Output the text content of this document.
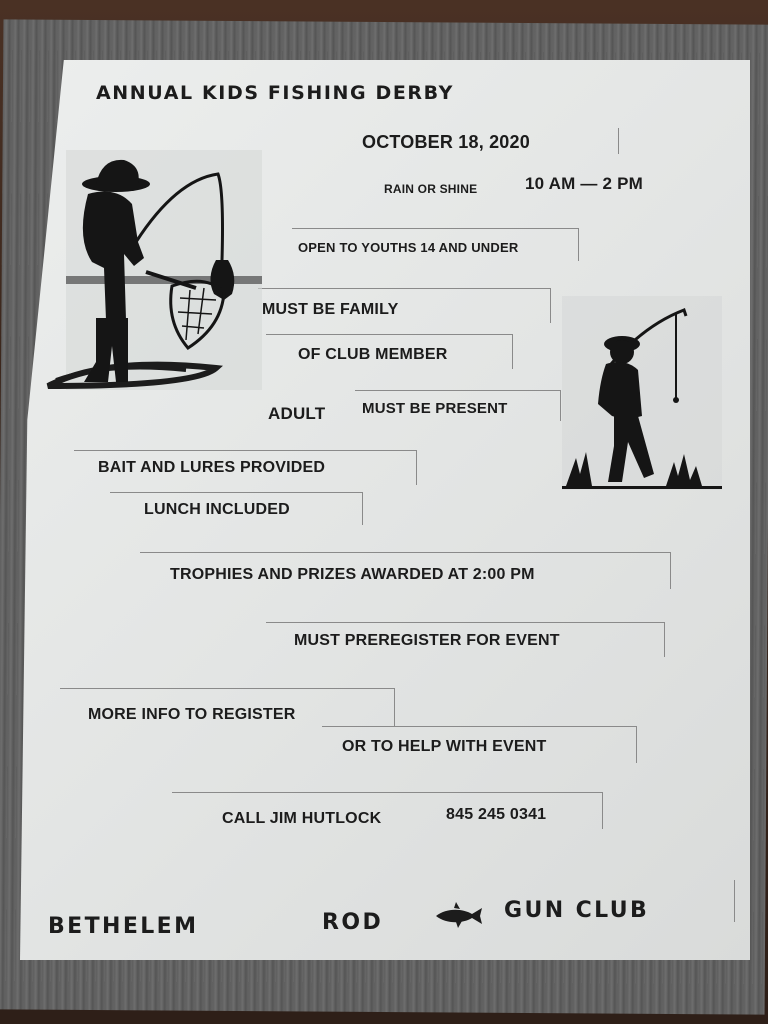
ANNUAL KIDS FISHING DERBY
OCTOBER 18, 2020
RAIN OR SHINE	10 AM — 2 PM
OPEN TO YOUTHS 14 AND UNDER
MUST BE FAMILY
OF CLUB MEMBER
ADULT MUST BE PRESENT
BAIT AND LURES PROVIDED
LUNCH INCLUDED
TROPHIES AND PRIZES AWARDED AT 2:00 PM
MUST PREREGISTER FOR EVENT
MORE INFO TO REGISTER
OR TO HELP WITH EVENT
CALL JIM HUTLOCK	845 245 0341
BETHELEM	ROD	GUN CLUB
